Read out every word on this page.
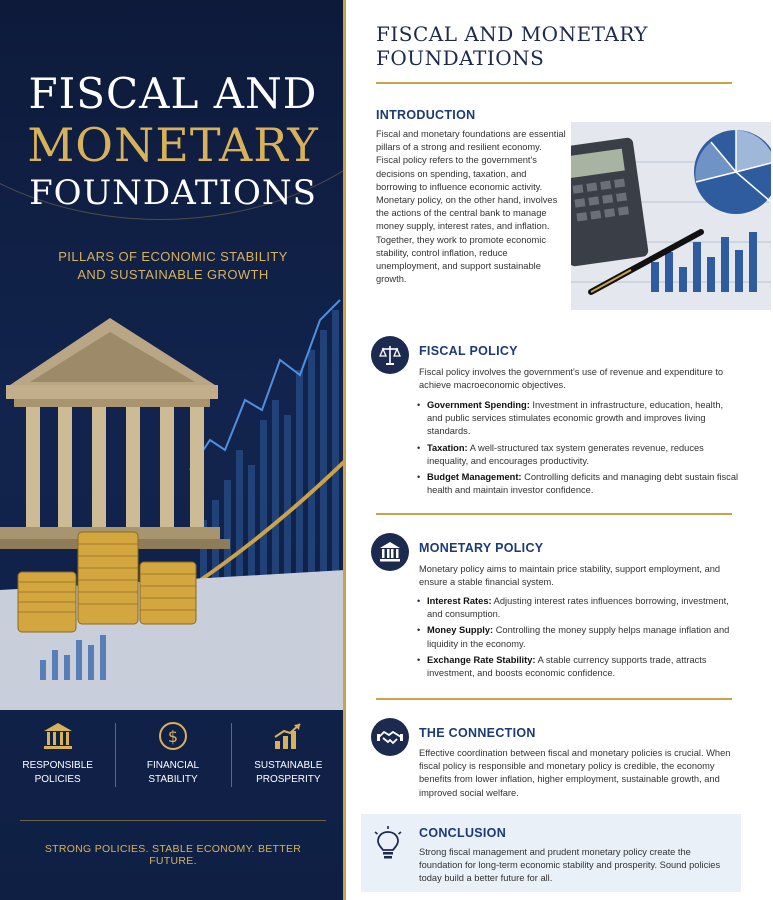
FISCAL AND
MONETARY
FOUNDATIONS
PILLARS OF ECONOMIC STABILITY
AND SUSTAINABLE GROWTH
RESPONSIBLE
POLICIES
$
FINANCIAL
STABILITY
SUSTAINABLE
PROSPERITY
STRONG POLICIES. STABLE ECONOMY. BETTER FUTURE.
FISCAL AND MONETARY
FOUNDATIONS
INTRODUCTION
Fiscal and monetary foundations are essential pillars of a strong and resilient economy. Fiscal policy refers to the government's decisions on spending, taxation, and borrowing to influence economic activity. Monetary policy, on the other hand, involves the actions of the central bank to manage money supply, interest rates, and inflation. Together, they work to promote economic stability, control inflation, reduce unemployment, and support sustainable growth.
FISCAL POLICY
Fiscal policy involves the government's use of revenue and expenditure to achieve macroeconomic objectives.
• Government Spending: Investment in infrastructure, education, health, and public services stimulates economic growth and improves living standards.
• Taxation: A well-structured tax system generates revenue, reduces inequality, and encourages productivity.
• Budget Management: Controlling deficits and managing debt sustain fiscal health and maintain investor confidence.
MONETARY POLICY
Monetary policy aims to maintain price stability, support employment, and ensure a stable financial system.
• Interest Rates: Adjusting interest rates influences borrowing, investment, and consumption.
• Money Supply: Controlling the money supply helps manage inflation and liquidity in the economy.
• Exchange Rate Stability: A stable currency supports trade, attracts investment, and boosts economic confidence.
THE CONNECTION
Effective coordination between fiscal and monetary policies is crucial. When fiscal policy is responsible and monetary policy is credible, the economy benefits from lower inflation, higher employment, sustainable growth, and improved social welfare.
CONCLUSION
Strong fiscal management and prudent monetary policy create the foundation for long-term economic stability and prosperity. Sound policies today build a better future for all.
